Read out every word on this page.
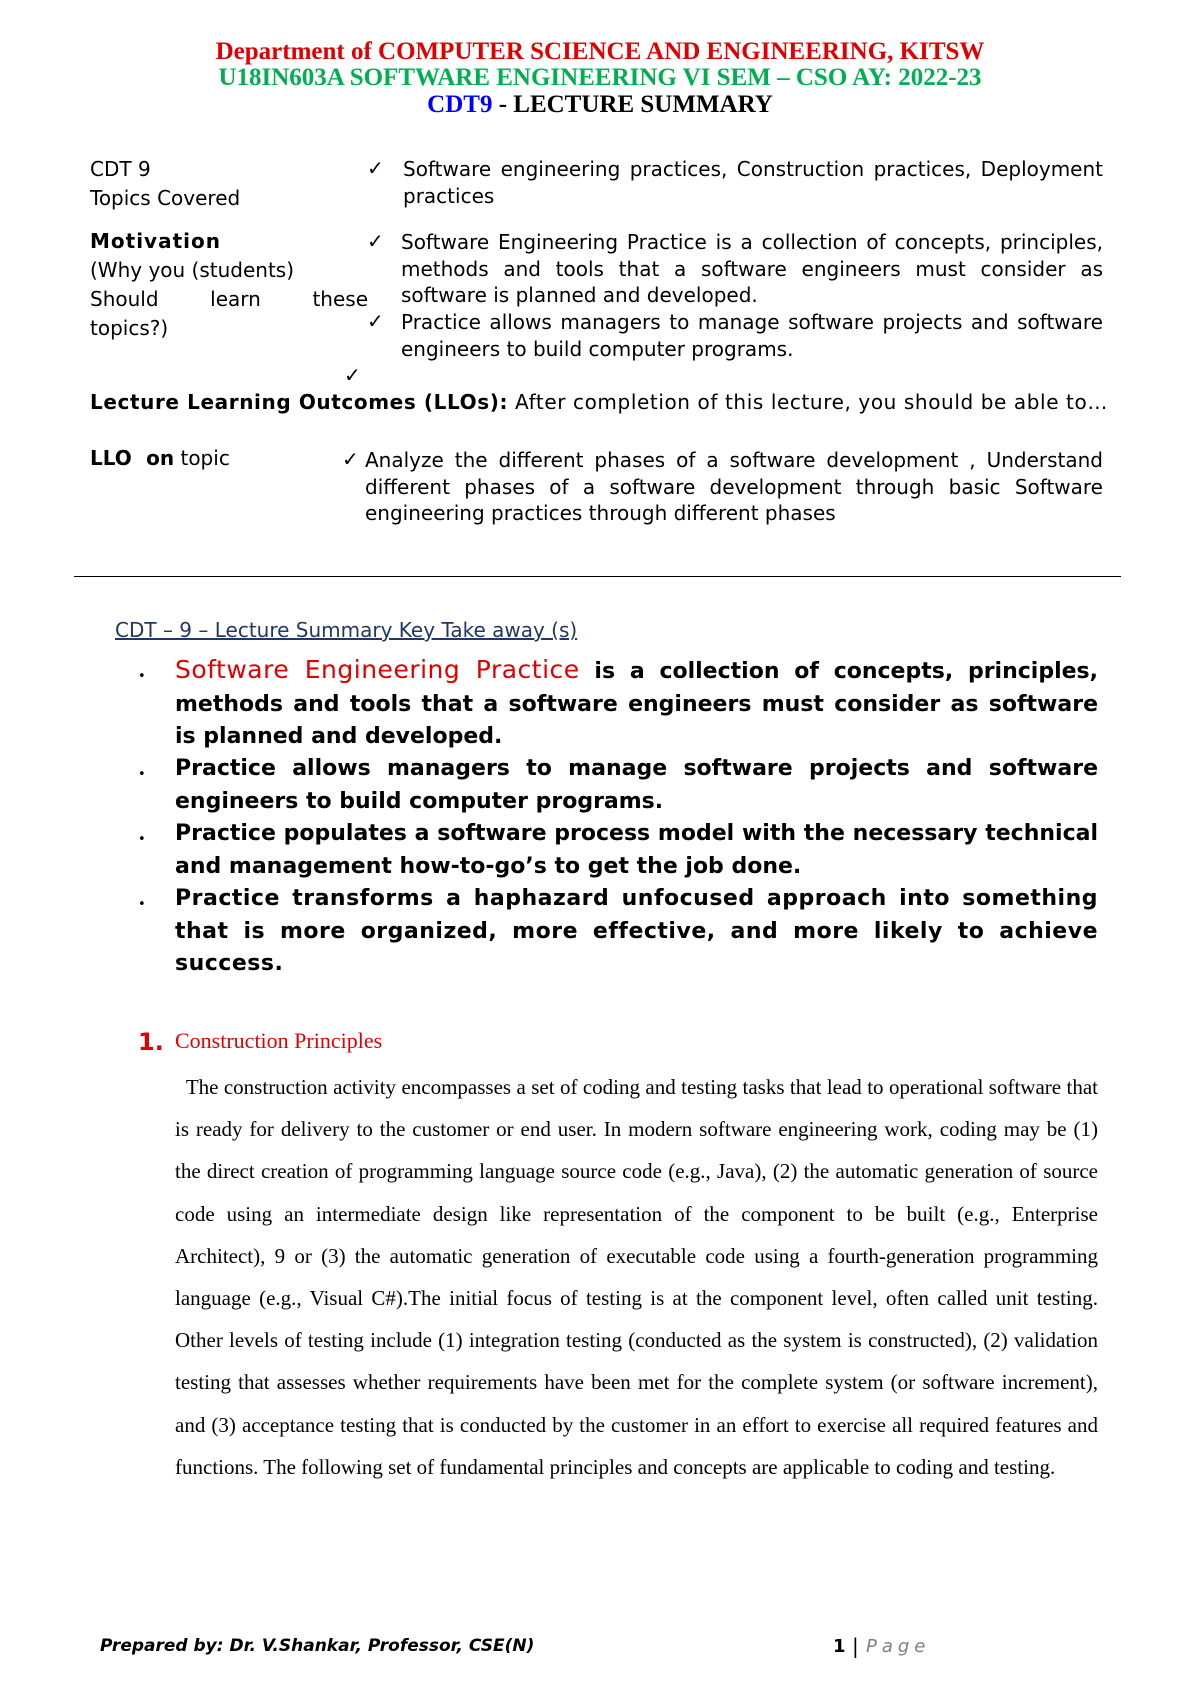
Department of COMPUTER SCIENCE AND ENGINEERING, KITSW
U18IN603A SOFTWARE ENGINEERING VI SEM – CSO AY: 2022-23
CDT9 - LECTURE SUMMARY
CDT 9
Topics Covered
✓ Software engineering practices, Construction practices, Deployment practices
Motivation
(Why you (students)
Should learn these
topics?)
✓ Software Engineering Practice is a collection of concepts, principles, methods and tools that a software engineers must consider as software is planned and developed.
✓ Practice allows managers to manage software projects and software engineers to build computer programs.
✓
Lecture Learning Outcomes (LLOs): After completion of this lecture, you should be able to…
LLO on topic	✓ Analyze the different phases of a software development , Understand different phases of a software development through basic Software engineering practices through different phases
CDT – 9 – Lecture Summary Key Take away (s)
• Software Engineering Practice is a collection of concepts, principles, methods and tools that a software engineers must consider as software is planned and developed.
• Practice allows managers to manage software projects and software engineers to build computer programs.
• Practice populates a software process model with the necessary technical and management how-to-go’s to get the job done.
• Practice transforms a haphazard unfocused approach into something that is more organized, more effective, and more likely to achieve success.
1. Construction Principles
The construction activity encompasses a set of coding and testing tasks that lead to operational software that is ready for delivery to the customer or end user. In modern software engineering work, coding may be (1) the direct creation of programming language source code (e.g., Java), (2) the automatic generation of source code using an intermediate design like representation of the component to be built (e.g., Enterprise Architect), 9 or (3) the automatic generation of executable code using a fourth-generation programming language (e.g., Visual C#).The initial focus of testing is at the component level, often called unit testing. Other levels of testing include (1) integration testing (conducted as the system is constructed), (2) validation testing that assesses whether requirements have been met for the complete system (or software increment), and (3) acceptance testing that is conducted by the customer in an effort to exercise all required features and functions. The following set of fundamental principles and concepts are applicable to coding and testing.
Prepared by: Dr. V.Shankar, Professor, CSE(N)	1 | Page
